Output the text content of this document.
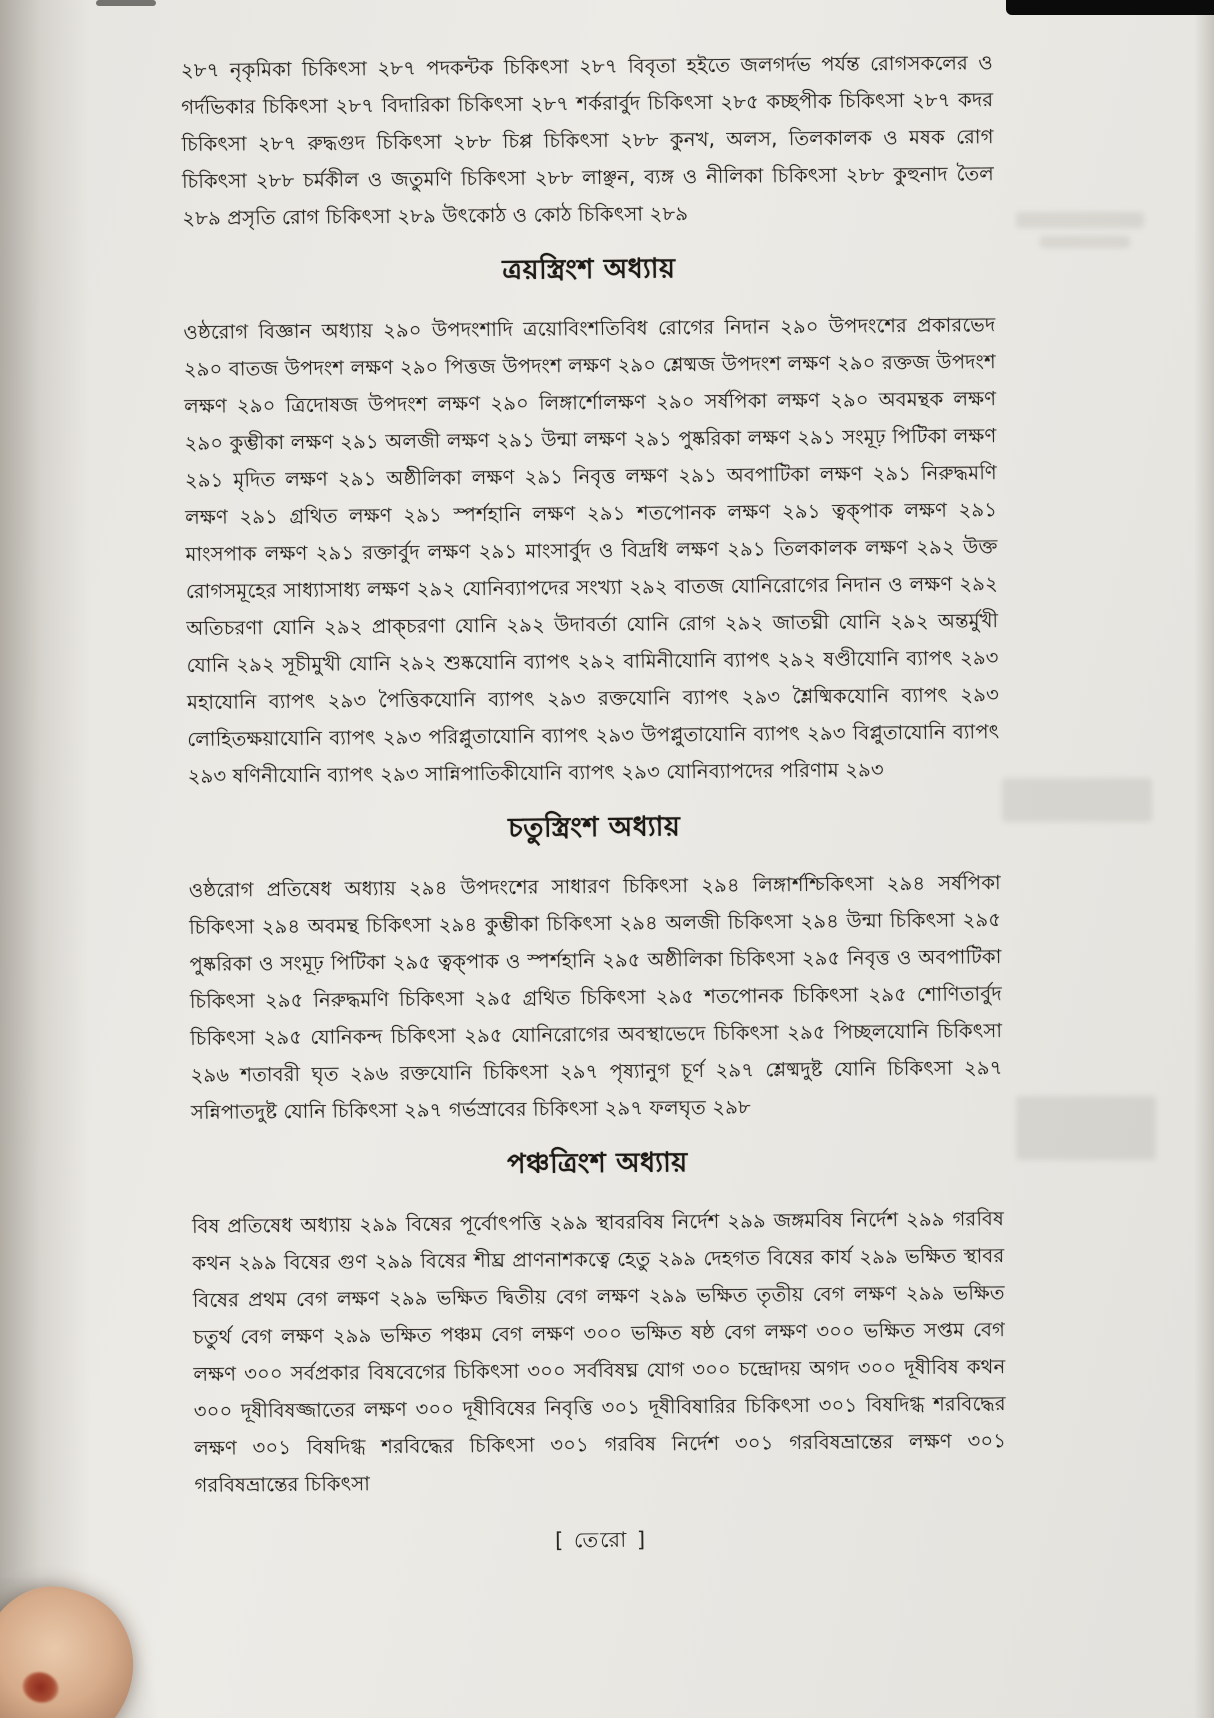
২৮৭ নৃকৃমিকা চিকিৎসা ২৮৭ পদকন্টক চিকিৎসা ২৮৭ বিবৃতা হইতে জলগর্দভ পর্যন্ত রোগসকলের ও গর্দভিকার চিকিৎসা ২৮৭ বিদারিকা চিকিৎসা ২৮৭ শর্করার্বুদ চিকিৎসা ২৮৫ কচ্ছপীক চিকিৎসা ২৮৭ কদর চিকিৎসা ২৮৭ রুদ্ধগুদ চিকিৎসা ২৮৮ চিপ্প চিকিৎসা ২৮৮ কুনখ, অলস, তিলকালক ও মষক রোগ চিকিৎসা ২৮৮ চর্মকীল ও জতুমণি চিকিৎসা ২৮৮ লাঞ্ছন, ব্যঙ্গ ও নীলিকা চিকিৎসা ২৮৮ কুহুনাদ তৈল ২৮৯ প্রসৃতি রোগ চিকিৎসা ২৮৯ উৎকোঠ ও কোঠ চিকিৎসা ২৮৯

ত্রয়স্ত্রিংশ অধ্যায়

ওষ্ঠরোগ বিজ্ঞান অধ্যায় ২৯০ উপদংশাদি ত্রয়োবিংশতিবিধ রোগের নিদান ২৯০ উপদংশের প্রকারভেদ ২৯০ বাতজ উপদংশ লক্ষণ ২৯০ পিত্তজ উপদংশ লক্ষণ ২৯০ শ্লেষ্মজ উপদংশ লক্ষণ ২৯০ রক্তজ উপদংশ লক্ষণ ২৯০ ত্রিদোষজ উপদংশ লক্ষণ ২৯০ লিঙ্গার্শোলক্ষণ ২৯০ সর্ষপিকা লক্ষণ ২৯০ অবমন্থক লক্ষণ ২৯০ কুম্ভীকা লক্ষণ ২৯১ অলজী লক্ষণ ২৯১ উন্মা লক্ষণ ২৯১ পুষ্করিকা লক্ষণ ২৯১ সংমূঢ় পিটিকা লক্ষণ ২৯১ মৃদিত লক্ষণ ২৯১ অষ্ঠীলিকা লক্ষণ ২৯১ নিবৃত্ত লক্ষণ ২৯১ অবপাটিকা লক্ষণ ২৯১ নিরুদ্ধমণি লক্ষণ ২৯১ গ্রথিত লক্ষণ ২৯১ স্পর্শহানি লক্ষণ ২৯১ শতপোনক লক্ষণ ২৯১ ত্বক্‌পাক লক্ষণ ২৯১ মাংসপাক লক্ষণ ২৯১ রক্তার্বুদ লক্ষণ ২৯১ মাংসার্বুদ ও বিদ্রধি লক্ষণ ২৯১ তিলকালক লক্ষণ ২৯২ উক্ত রোগসমূহের সাধ্যাসাধ্য লক্ষণ ২৯২ যোনিব্যাপদের সংখ্যা ২৯২ বাতজ যোনিরোগের নিদান ও লক্ষণ ২৯২ অতিচরণা যোনি ২৯২ প্রাক্‌চরণা যোনি ২৯২ উদাবর্তা যোনি রোগ ২৯২ জাতঘ্নী যোনি ২৯২ অন্তর্মুখী যোনি ২৯২ সূচীমুখী যোনি ২৯২ শুষ্কযোনি ব্যাপৎ ২৯২ বামিনীযোনি ব্যাপৎ ২৯২ ষণ্ডীযোনি ব্যাপৎ ২৯৩ মহাযোনি ব্যাপৎ ২৯৩ পৈত্তিকযোনি ব্যাপৎ ২৯৩ রক্তযোনি ব্যাপৎ ২৯৩ শ্লৈষ্মিকযোনি ব্যাপৎ ২৯৩ লোহিতক্ষয়াযোনি ব্যাপৎ ২৯৩ পরিপ্লুতাযোনি ব্যাপৎ ২৯৩ উপপ্লুতাযোনি ব্যাপৎ ২৯৩ বিপ্লুতাযোনি ব্যাপৎ ২৯৩ ষণিনীযোনি ব্যাপৎ ২৯৩ সান্নিপাতিকীযোনি ব্যাপৎ ২৯৩ যোনিব্যাপদের পরিণাম ২৯৩

চতুস্ত্রিংশ অধ্যায়

ওষ্ঠরোগ প্রতিষেধ অধ্যায় ২৯৪ উপদংশের সাধারণ চিকিৎসা ২৯৪ লিঙ্গার্শশ্চিকিৎসা ২৯৪ সর্ষপিকা চিকিৎসা ২৯৪ অবমন্থ চিকিৎসা ২৯৪ কুম্ভীকা চিকিৎসা ২৯৪ অলজী চিকিৎসা ২৯৪ উন্মা চিকিৎসা ২৯৫ পুষ্করিকা ও সংমূঢ় পিটিকা ২৯৫ ত্বক্‌পাক ও স্পর্শহানি ২৯৫ অষ্ঠীলিকা চিকিৎসা ২৯৫ নিবৃত্ত ও অবপাটিকা চিকিৎসা ২৯৫ নিরুদ্ধমণি চিকিৎসা ২৯৫ গ্রথিত চিকিৎসা ২৯৫ শতপোনক চিকিৎসা ২৯৫ শোণিতার্বুদ চিকিৎসা ২৯৫ যোনিকন্দ চিকিৎসা ২৯৫ যোনিরোগের অবস্থাভেদে চিকিৎসা ২৯৫ পিচ্ছলযোনি চিকিৎসা ২৯৬ শতাবরী ঘৃত ২৯৬ রক্তযোনি চিকিৎসা ২৯৭ পৃষ্যানুগ চূর্ণ ২৯৭ শ্লেষ্মদুষ্ট যোনি চিকিৎসা ২৯৭ সন্নিপাতদুষ্ট যোনি চিকিৎসা ২৯৭ গর্ভস্রাবের চিকিৎসা ২৯৭ ফলঘৃত ২৯৮

পঞ্চত্রিংশ অধ্যায়

বিষ প্রতিষেধ অধ্যায় ২৯৯ বিষের পূর্বোৎপত্তি ২৯৯ স্থাবরবিষ নির্দেশ ২৯৯ জঙ্গমবিষ নির্দেশ ২৯৯ গরবিষ কথন ২৯৯ বিষের গুণ ২৯৯ বিষের শীঘ্র প্রাণনাশকত্বে হেতু ২৯৯ দেহগত বিষের কার্য ২৯৯ ভক্ষিত স্থাবর বিষের প্রথম বেগ লক্ষণ ২৯৯ ভক্ষিত দ্বিতীয় বেগ লক্ষণ ২৯৯ ভক্ষিত তৃতীয় বেগ লক্ষণ ২৯৯ ভক্ষিত চতুর্থ বেগ লক্ষণ ২৯৯ ভক্ষিত পঞ্চম বেগ লক্ষণ ৩০০ ভক্ষিত ষষ্ঠ বেগ লক্ষণ ৩০০ ভক্ষিত সপ্তম বেগ লক্ষণ ৩০০ সর্বপ্রকার বিষবেগের চিকিৎসা ৩০০ সর্ববিষঘ্ন যোগ ৩০০ চন্দ্রোদয় অগদ ৩০০ দূষীবিষ কথন ৩০০ দূষীবিষজ্জাতের লক্ষণ ৩০০ দূষীবিষের নিবৃত্তি ৩০১ দূষীবিষারির চিকিৎসা ৩০১ বিষদিগ্ধ শরবিদ্ধের লক্ষণ ৩০১ বিষদিগ্ধ শরবিদ্ধের চিকিৎসা ৩০১ গরবিষ নির্দেশ ৩০১ গরবিষভ্রান্তের লক্ষণ ৩০১ গরবিষভ্রান্তের চিকিৎসা

[ তেরো ]
